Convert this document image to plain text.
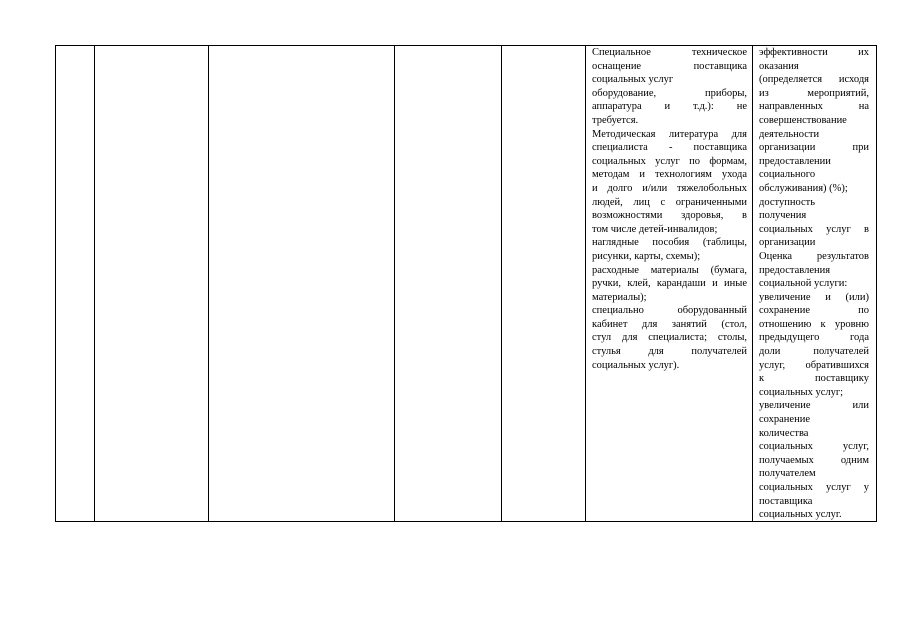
Специальное техническое

оснащение поставщика

социальных услуг

оборудование, приборы,

аппаратура и т.д.): не

требуется.

Методическая литература для

специалиста - поставщика

социальных услуг по формам,

методам и технологиям ухода

и долго и/или тяжелобольных

людей, лиц с ограниченными

возможностями здоровья, в

том числе детей-инвалидов;

наглядные пособия (таблицы,

рисунки, карты, схемы);

расходные материалы (бумага,

ручки, клей, карандаши и иные

материалы);

специально оборудованный

кабинет для занятий (стол,

стул для специалиста; столы,

стулья для получателей

социальных услуг).

эффективности их

оказания

(определяется исходя

из мероприятий,

направленных на

совершенствование

деятельности

организации при

предоставлении

социального

обслуживания) (%);

доступность

получения

социальных услуг в

организации

Оценка результатов

предоставления

социальной услуги:

увеличение и (или)

сохранение по

отношению к уровню

предыдущего года

доли получателей

услуг, обратившихся

к поставщику

социальных услуг;

увеличение или

сохранение

количества

социальных услуг,

получаемых одним

получателем

социальных услуг у

поставщика

социальных услуг.
